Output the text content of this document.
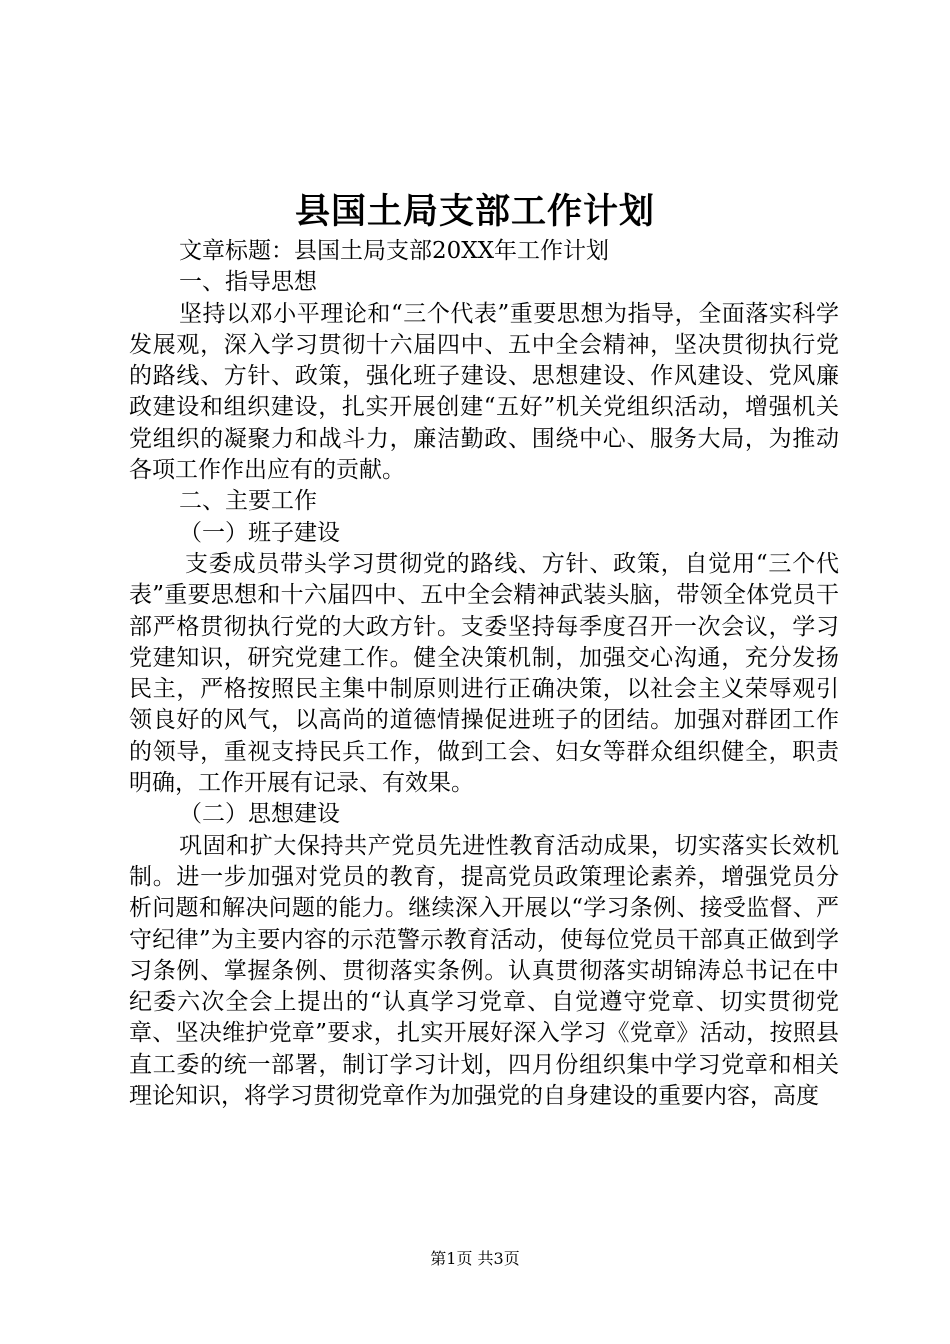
县国土局支部工作计划

文章标题：县国土局支部20XX年工作计划

一、指导思想

坚持以邓小平理论和“三个代表”重要思想为指导，全面落实科学发展观，深入学习贯彻十六届四中、五中全会精神，坚决贯彻执行党的路线、方针、政策，强化班子建设、思想建设、作风建设、党风廉政建设和组织建设，扎实开展创建“五好”机关党组织活动，增强机关党组织的凝聚力和战斗力，廉洁勤政、围绕中心、服务大局，为推动各项工作作出应有的贡献。

二、主要工作

（一）班子建设

支委成员带头学习贯彻党的路线、方针、政策，自觉用“三个代表”重要思想和十六届四中、五中全会精神武装头脑，带领全体党员干部严格贯彻执行党的大政方针。支委坚持每季度召开一次会议，学习党建知识，研究党建工作。健全决策机制，加强交心沟通，充分发扬民主，严格按照民主集中制原则进行正确决策，以社会主义荣辱观引领良好的风气，以高尚的道德情操促进班子的团结。加强对群团工作的领导，重视支持民兵工作，做到工会、妇女等群众组织健全，职责明确，工作开展有记录、有效果。

（二）思想建设

巩固和扩大保持共产党员先进性教育活动成果，切实落实长效机制。进一步加强对党员的教育，提高党员政策理论素养，增强党员分析问题和解决问题的能力。继续深入开展以“学习条例、接受监督、严守纪律”为主要内容的示范警示教育活动，使每位党员干部真正做到学习条例、掌握条例、贯彻落实条例。认真贯彻落实胡锦涛总书记在中纪委六次全会上提出的“认真学习党章、自觉遵守党章、切实贯彻党章、坚决维护党章”要求，扎实开展好深入学习《党章》活动，按照县直工委的统一部署，制订学习计划，四月份组织集中学习党章和相关理论知识，将学习贯彻党章作为加强党的自身建设的重要内容，高度

第1页 共3页
